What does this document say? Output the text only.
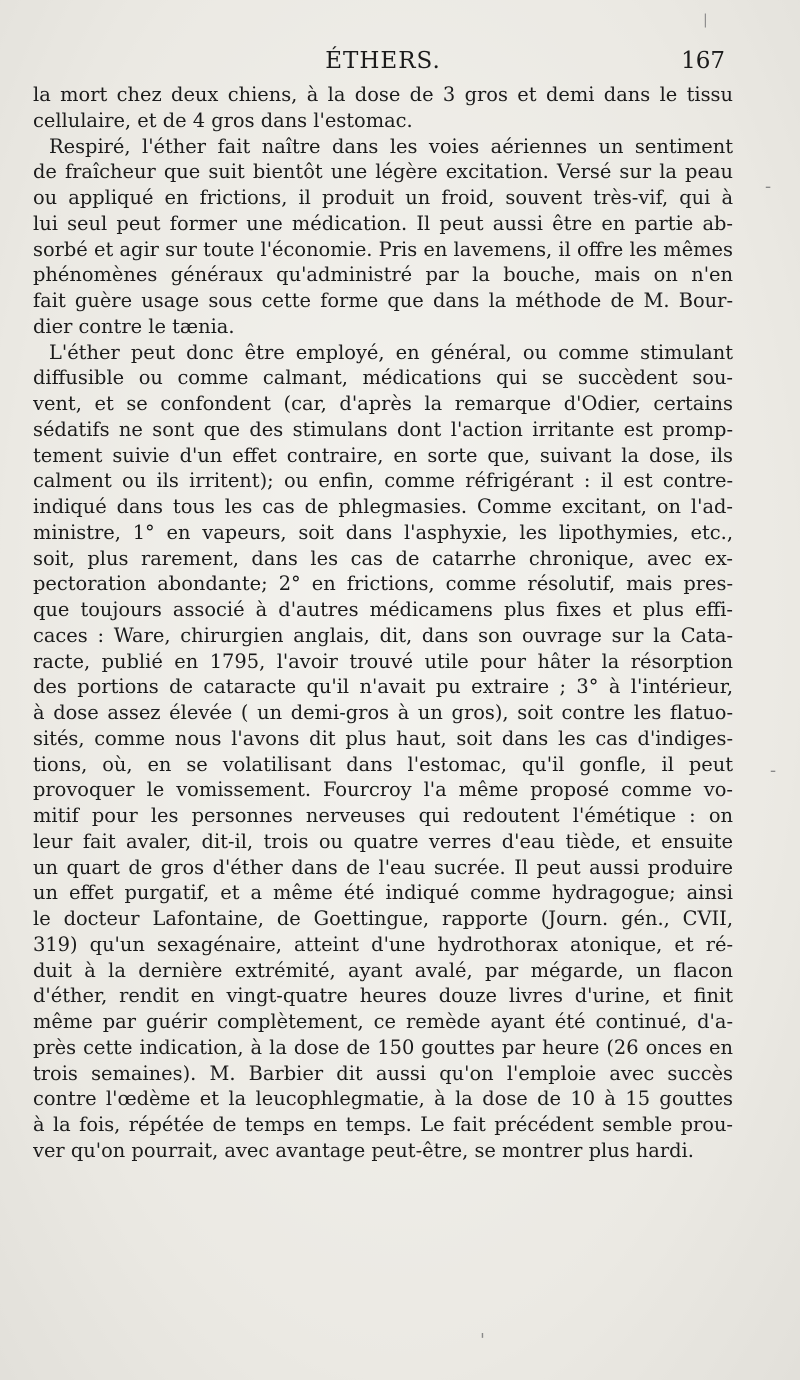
|
-
-
'
ÉTHERS.	167
la mort chez deux chiens, à la dose de 3 gros et demi dans le tissu
cellulaire, et de 4 gros dans l'estomac.
Respiré, l'éther fait naître dans les voies aériennes un sentiment
de fraîcheur que suit bientôt une légère excitation. Versé sur la peau
ou appliqué en frictions, il produit un froid, souvent très-vif, qui à
lui seul peut former une médication. Il peut aussi être en partie ab-
sorbé et agir sur toute l'économie. Pris en lavemens, il offre les mêmes
phénomènes généraux qu'administré par la bouche, mais on n'en
fait guère usage sous cette forme que dans la méthode de M. Bour-
dier contre le tænia.
L'éther peut donc être employé, en général, ou comme stimulant
diffusible ou comme calmant, médications qui se succèdent sou-
vent, et se confondent (car, d'après la remarque d'Odier, certains
sédatifs ne sont que des stimulans dont l'action irritante est promp-
tement suivie d'un effet contraire, en sorte que, suivant la dose, ils
calment ou ils irritent); ou enfin, comme réfrigérant : il est contre-
indiqué dans tous les cas de phlegmasies. Comme excitant, on l'ad-
ministre, 1° en vapeurs, soit dans l'asphyxie, les lipothymies, etc.,
soit, plus rarement, dans les cas de catarrhe chronique, avec ex-
pectoration abondante; 2° en frictions, comme résolutif, mais pres-
que toujours associé à d'autres médicamens plus fixes et plus effi-
caces : Ware, chirurgien anglais, dit, dans son ouvrage sur la Cata-
racte, publié en 1795, l'avoir trouvé utile pour hâter la résorption
des portions de cataracte qu'il n'avait pu extraire ; 3° à l'intérieur,
à dose assez élevée ( un demi-gros à un gros), soit contre les flatuo-
sités, comme nous l'avons dit plus haut, soit dans les cas d'indiges-
tions, où, en se volatilisant dans l'estomac, qu'il gonfle, il peut
provoquer le vomissement. Fourcroy l'a même proposé comme vo-
mitif pour les personnes nerveuses qui redoutent l'émétique : on
leur fait avaler, dit-il, trois ou quatre verres d'eau tiède, et ensuite
un quart de gros d'éther dans de l'eau sucrée. Il peut aussi produire
un effet purgatif, et a même été indiqué comme hydragogue; ainsi
le docteur Lafontaine, de Goettingue, rapporte (Journ. gén., CVII,
319) qu'un sexagénaire, atteint d'une hydrothorax atonique, et ré-
duit à la dernière extrémité, ayant avalé, par mégarde, un flacon
d'éther, rendit en vingt-quatre heures douze livres d'urine, et finit
même par guérir complètement, ce remède ayant été continué, d'a-
près cette indication, à la dose de 150 gouttes par heure (26 onces en
trois semaines). M. Barbier dit aussi qu'on l'emploie avec succès
contre l'œdème et la leucophlegmatie, à la dose de 10 à 15 gouttes
à la fois, répétée de temps en temps. Le fait précédent semble prou-
ver qu'on pourrait, avec avantage peut-être, se montrer plus hardi.
